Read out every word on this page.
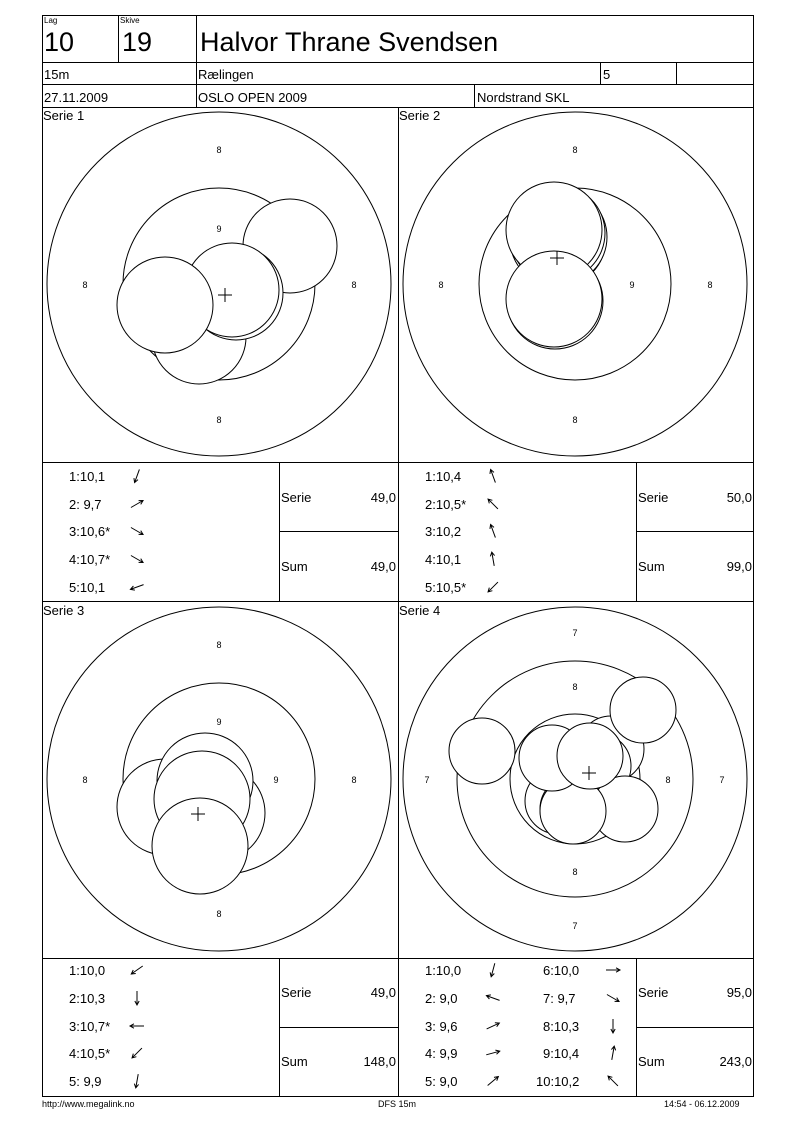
Lag
10
Skive
19 Halvor Thrane Svendsen
15m	Rælingen	5
27.11.2009	OSLO OPEN 2009	Nordstrand SKL
Serie 1
8
8
8	8
9
Serie 2
8
8
8	8
9
Serie 3
8
8
8	8
9
9
Serie 4
7
7
7	7
8
8
8
1:10,1
2: 9,7
3:10,6*
4:10,7*
5:10,1
Serie	49,0
Sum	49,0
1:10,4
2:10,5*
3:10,2
4:10,1
5:10,5*
Serie	50,0
Sum	99,0
1:10,0
2:10,3
3:10,7*
4:10,5*
5: 9,9
Serie	49,0
Sum	148,0
1:10,0
2: 9,0
3: 9,6
4: 9,9
5: 9,0
6:10,0
7: 9,7
8:10,3
9:10,4
10:10,2
Serie	95,0
Sum	243,0
http://www.megalink.no	DFS 15m	14:54 - 06.12.2009
